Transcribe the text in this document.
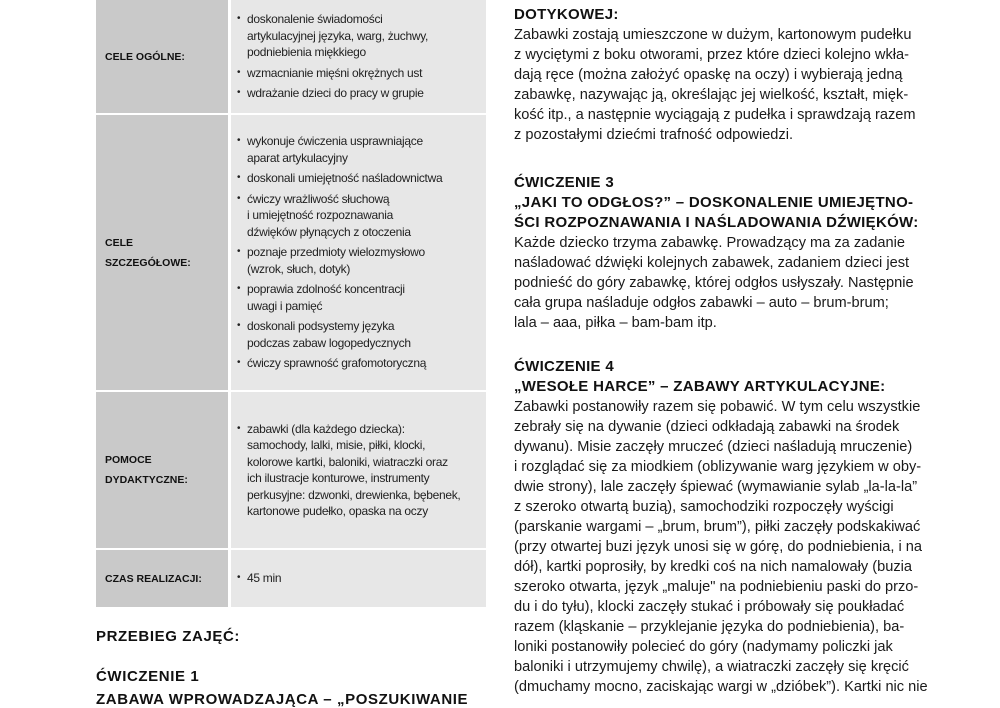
CELE OGÓLNE:
• doskonalenie świadomości
artykulacyjnej języka, warg, żuchwy,
podniebienia miękkiego
• wzmacnianie mięśni okrężnych ust
• wdrażanie dzieci do pracy w grupie
CELE
SZCZEGÓŁOWE:
• wykonuje ćwiczenia usprawniające
aparat artykulacyjny
• doskonali umiejętność naśladownictwa
• ćwiczy wrażliwość słuchową
i umiejętność rozpoznawania
dźwięków płynących z otoczenia
• poznaje przedmioty wielozmysłowo
(wzrok, słuch, dotyk)
• poprawia zdolność koncentracji
uwagi i pamięć
• doskonali podsystemy języka
podczas zabaw logopedycznych
• ćwiczy sprawność grafomotoryczną
POMOCE
DYDAKTYCZNE:
• zabawki (dla każdego dziecka):
samochody, lalki, misie, piłki, klocki,
kolorowe kartki, baloniki, wiatraczki oraz
ich ilustracje konturowe, instrumenty
perkusyjne: dzwonki, drewienka, bębenek,
kartonowe pudełko, opaska na oczy
CZAS REALIZACJI:	• 45 min
PRZEBIEG ZAJĘĆ:
ĆWICZENIE 1
ZABAWA WPROWADZAJĄCA – „POSZUKIWANIE
DOTYKOWEJ:
Zabawki zostają umieszczone w dużym, kartonowym pudełku
z wyciętymi z boku otworami, przez które dzieci kolejno wkła-
dają ręce (można założyć opaskę na oczy) i wybierają jedną
zabawkę, nazywając ją, określając jej wielkość, kształt, mięk-
kość itp., a następnie wyciągają z pudełka i sprawdzają razem
z pozostałymi dziećmi trafność odpowiedzi.
ĆWICZENIE 3
„JAKI TO ODGŁOS?” – DOSKONALENIE UMIEJĘTNO-
ŚCI ROZPOZNAWANIA I NAŚLADOWANIA DŹWIĘKÓW:
Każde dziecko trzyma zabawkę. Prowadzący ma za zadanie
naśladować dźwięki kolejnych zabawek, zadaniem dzieci jest
podnieść do góry zabawkę, której odgłos usłyszały. Następnie
cała grupa naśladuje odgłos zabawki – auto – brum-brum;
lala – aaa, piłka – bam-bam itp.
ĆWICZENIE 4
„WESOŁE HARCE” – ZABAWY ARTYKULACYJNE:
Zabawki postanowiły razem się pobawić. W tym celu wszystkie
zebrały się na dywanie (dzieci odkładają zabawki na środek
dywanu). Misie zaczęły mruczeć (dzieci naśladują mruczenie)
i rozglądać się za miodkiem (oblizywanie warg językiem w oby-
dwie strony), lale zaczęły śpiewać (wymawianie sylab „la-la-la”
z szeroko otwartą buzią), samochodziki rozpoczęły wyścigi
(parskanie wargami – „brum, brum”), piłki zaczęły podskakiwać
(przy otwartej buzi język unosi się w górę, do podniebienia, i na
dół), kartki poprosiły, by kredki coś na nich namalowały (buzia
szeroko otwarta, język „maluje" na podniebieniu paski do przo-
du i do tyłu), klocki zaczęły stukać i próbowały się poukładać
razem (kląskanie – przyklejanie języka do podniebienia), ba-
loniki postanowiły polecieć do góry (nadymamy policzki jak
baloniki i utrzymujemy chwilę), a wiatraczki zaczęły się kręcić
(dmuchamy mocno, zaciskając wargi w „dzióbek”). Kartki nic nie
